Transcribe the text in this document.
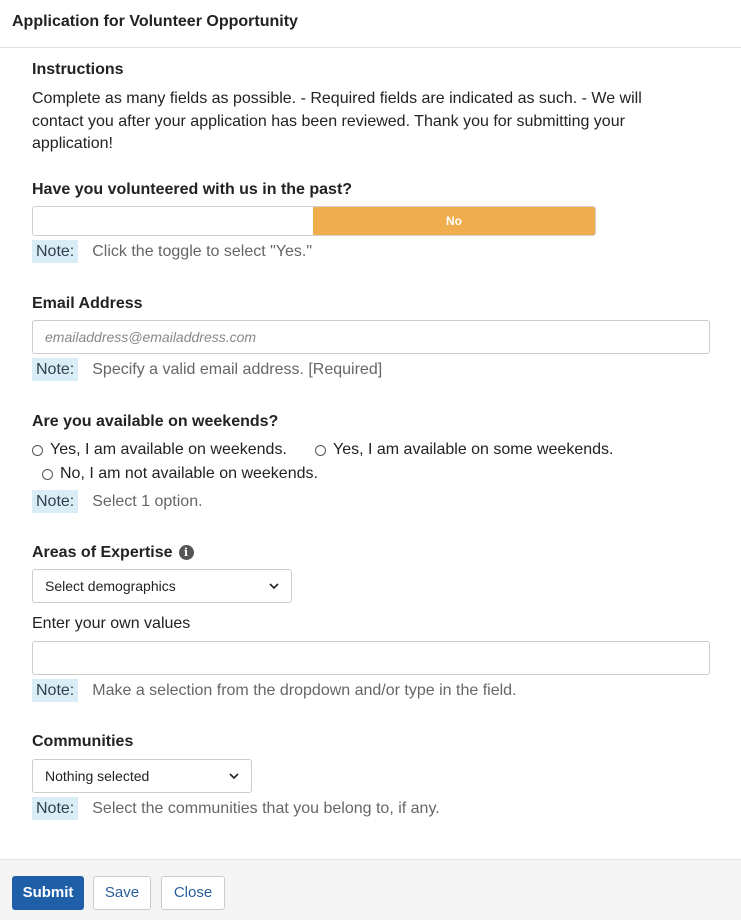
Application for Volunteer Opportunity
Instructions
Complete as many fields as possible. - Required fields are indicated as such. - We will contact you after your application has been reviewed. Thank you for submitting your application!
Have you volunteered with us in the past?
No
Note: Click the toggle to select "Yes."
Email Address
emailaddress@emailaddress.com
Note: Specify a valid email address. [Required]
Are you available on weekends?
Yes, I am available on weekends.	Yes, I am available on some weekends.
No, I am not available on weekends.
Note: Select 1 option.
Areas of Expertise i
Select demographics
Enter your own values
Note: Make a selection from the dropdown and/or type in the field.
Communities
Nothing selected
Note: Select the communities that you belong to, if any.
Submit	Save	Close
